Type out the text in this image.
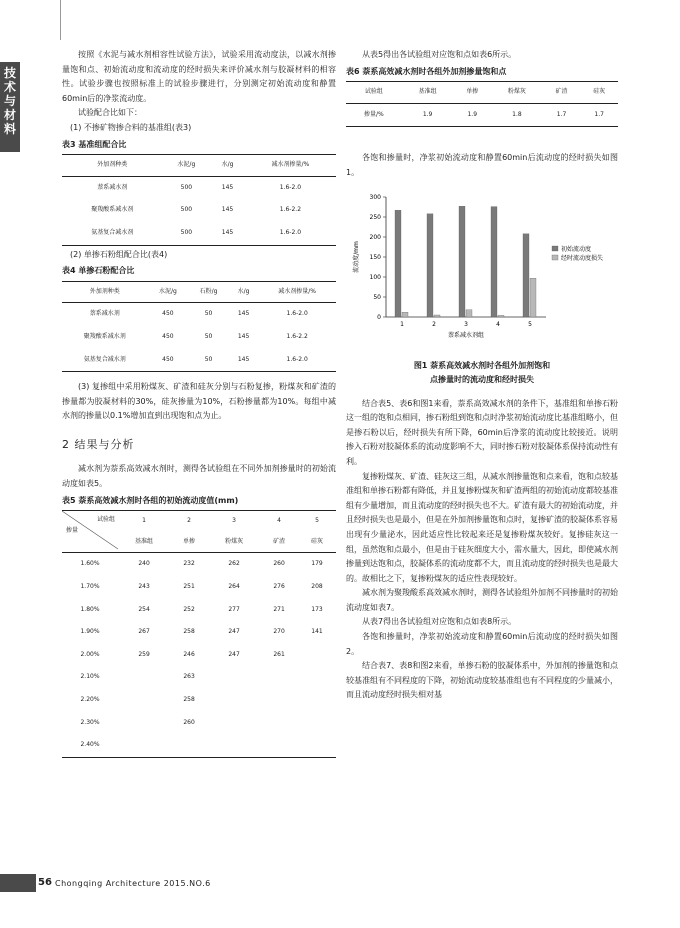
技术与材料

按照《水泥与减水剂相容性试验方法》，试验采用流动度法，以减水剂掺量饱和点、初始流动度和流动度的经时损失来评价减水剂与胶凝材料的相容性。试验步骤也按照标准上的试验步骤进行，分别测定初始流动度和静置60min后的净浆流动度。

试验配合比如下：

(1) 不掺矿物掺合料的基准组(表3)

表3 基准组配合比
外加剂种类	水泥/g	水/g	减水剂掺量/%
萘系减水剂	500	145	1.6-2.0
聚羧酸系减水剂	500	145	1.6-2.2
氨基复合减水剂	500	145	1.6-2.0

(2) 单掺石粉组配合比(表4)

表4 单掺石粉配合比
外加剂种类	水泥/g	石粉/g	水/g	减水剂掺量/%
萘系减水剂	450	50	145	1.6-2.0
聚羧酸系减水剂	450	50	145	1.6-2.2
氨基复合减水剂	450	50	145	1.6-2.0

(3) 复掺组中采用粉煤灰、矿渣和硅灰分别与石粉复掺，粉煤灰和矿渣的掺量都为胶凝材料的30%，硅灰掺量为10%，石粉掺量都为10%。每组中减水剂的掺量以0.1%增加直到出现饱和点为止。

2 结果与分析

减水剂为萘系高效减水剂时，测得各试验组在不同外加剂掺量时的初始流动度如表5。

表5 萘系高效减水剂时各组的初始流动度值(mm)
试验组
掺量	1	2	3	4	5
	基准组	单掺	粉煤灰	矿渣	硅灰
1.60%	240	232	262	260	179
1.70%	243	251	264	276	208
1.80%	254	252	277	271	173
1.90%	267	258	247	270	141
2.00%	259	246	247	261	
2.10%		263			
2.20%		258			
2.30%		260			
2.40%					

从表5得出各试验组对应饱和点如表6所示。

表6 萘系高效减水剂时各组外加剂掺量饱和点
试验组	基准组	单掺	粉煤灰	矿渣	硅灰
掺量/%	1.9	1.9	1.8	1.7	1.7

各饱和掺量时，净浆初始流动度和静置60min后流动度的经时损失如图1。

0
50
100
150
200
250
300
1	2	3	4	5
萘系减水剂组
流动度/mm	初始流动度
经时流动度损失
图1 萘系高效减水剂时各组外加剂饱和
点掺量时的流动度和经时损失

结合表5、表6和图1来看，萘系高效减水剂的条件下，基准组和单掺石粉这一组的饱和点相同，掺石粉组到饱和点时净浆初始流动度比基准组略小，但是掺石粉以后，经时损失有所下降，60min后净浆的流动度比较接近。说明掺入石粉对胶凝体系的流动度影响不大，同时掺石粉对胶凝体系保持流动性有利。

复掺粉煤灰、矿渣、硅灰这三组，从减水剂掺量饱和点来看，饱和点较基准组和单掺石粉都有降低，并且复掺粉煤灰和矿渣两组的初始流动度都较基准组有少量增加，而且流动度的经时损失也不大。矿渣有最大的初始流动度，并且经时损失也是最小，但是在外加剂掺量饱和点时，复掺矿渣的胶凝体系容易出现有少量泌水，因此适应性比较起来还是复掺粉煤灰较好。复掺硅灰这一组，虽然饱和点最小，但是由于硅灰细度大小，需水量大，因此，即使减水剂掺量到达饱和点，胶凝体系的流动度都不大，而且流动度的经时损失也是最大的。故相比之下，复掺粉煤灰的适应性表现较好。

减水剂为聚羧酸系高效减水剂时，测得各试验组外加剂不同掺量时的初始流动度如表7。

从表7得出各试验组对应饱和点如表8所示。

各饱和掺量时，净浆初始流动度和静置60min后流动度的经时损失如图2。

结合表7、表8和图2来看，单掺石粉的胶凝体系中，外加剂的掺量饱和点较基准组有不同程度的下降，初始流动度较基准组也有不同程度的少量减小，而且流动度经时损失相对基

56 Chongqing Architecture 2015.NO.6
